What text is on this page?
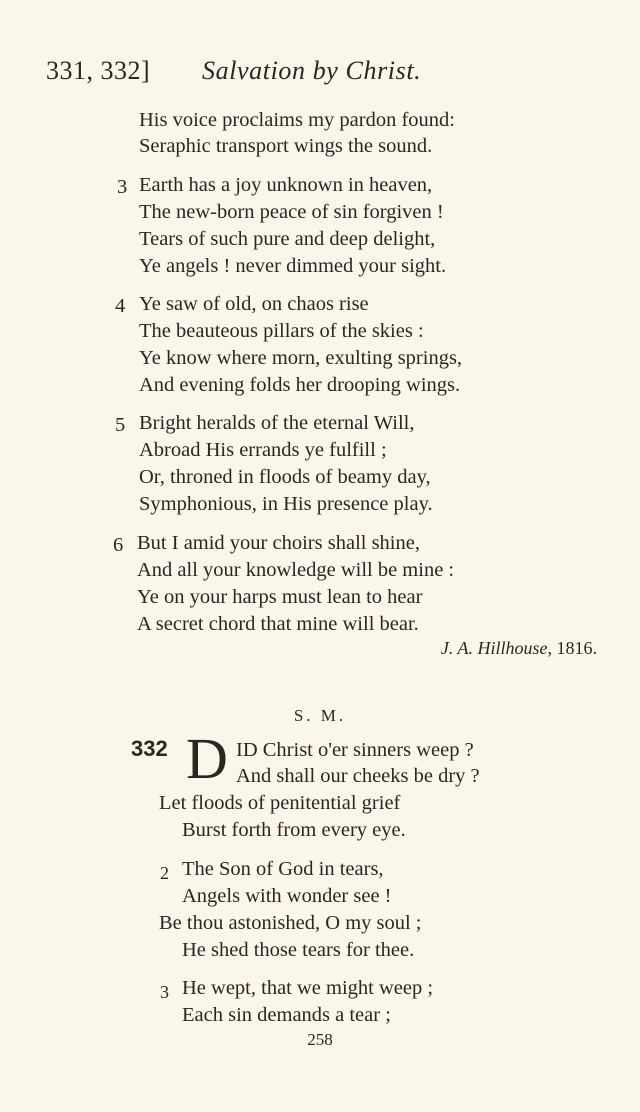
331, 332] Salvation by Christ.
His voice proclaims my pardon found:
Seraphic transport wings the sound.
3 Earth has a joy unknown in heaven,
The new-born peace of sin forgiven !
Tears of such pure and deep delight,
Ye angels ! never dimmed your sight.
4 Ye saw of old, on chaos rise
The beauteous pillars of the skies :
Ye know where morn, exulting springs,
And evening folds her drooping wings.
5 Bright heralds of the eternal Will,
Abroad His errands ye fulfill ;
Or, throned in floods of beamy day,
Symphonious, in His presence play.
6 But I amid your choirs shall shine,
And all your knowledge will be mine :
Ye on your harps must lean to hear
A secret chord that mine will bear.
J. A. Hillhouse, 1816.
S. M.
332 D ID Christ o'er sinners weep ?
And shall our cheeks be dry ?
Let floods of penitential grief
Burst forth from every eye.
2 The Son of God in tears,
Angels with wonder see !
Be thou astonished, O my soul ;
He shed those tears for thee.
3 He wept, that we might weep ;
Each sin demands a tear ;
258
